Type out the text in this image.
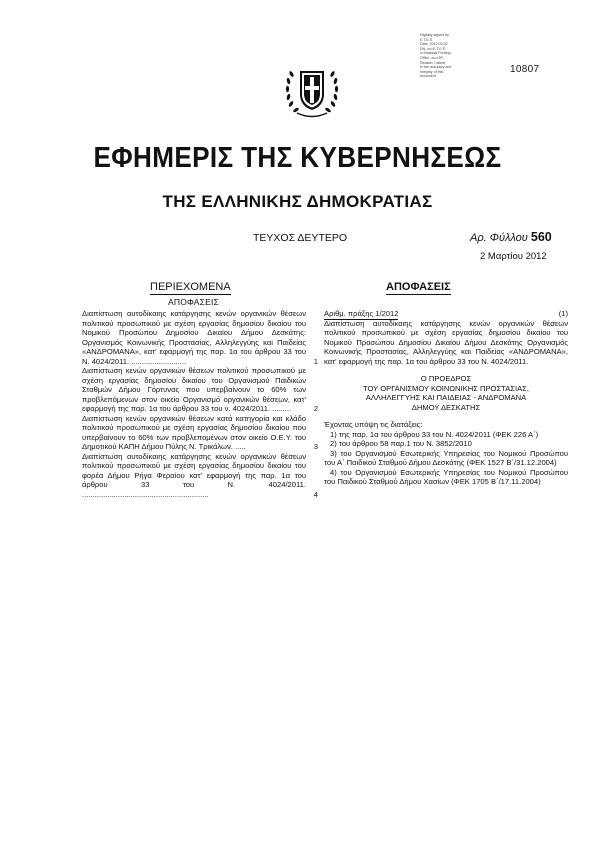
Digitally signed by
Ε.Τ.Ε.Π.
Date: 2012.03.02
DN: cn=E.T.E.P.
o=National Printing
Office, ou=GR,
Reason: I attest
to the accuracy and
integrity of this
document
10807
ΕΦΗΜΕΡΙΣ ΤΗΣ ΚΥΒΕΡΝΗΣΕΩΣ
ΤΗΣ ΕΛΛΗΝΙΚΗΣ ΔΗΜΟΚΡΑΤΙΑΣ
ΤΕΥΧΟΣ ΔΕΥΤΕΡΟ	Αρ. Φύλλου 560
2 Μαρτίου 2012
ΠΕΡΙΕΧΟΜΕΝΑ
ΑΠΟΦΑΣΕΙΣ
ΑΠΟΦΑΣΕΙΣ
Διαπίστωση αυτοδίκαιης κατάργησης κενών οργανικών θέσεων πολιτικού προσωπικού με σχέση εργασίας δημοσίου δικαίου του Νομικού Προσώπου Δημοσίου Δικαίου Δήμου Δεσκάτης: Οργανισμός Κοινωνικής Προστασίας, Αλληλεγγύης και Παιδείας «ΑΝΔΡΟΜΑΝΑ», κατ' εφαρμογή της παρ. 1α του άρθρου 33 του Ν. 4024/2011. ..........................	1
Διαπίστωση κενών οργανικών θέσεων πολιτικού προσωπικού με σχέση εργασίας δημοσίου δικαίου του Οργανισμού Παιδικών Σταθμών Δήμου Γόρτυνας που υπερβαίνουν το 60% των προβλεπόμενων στον οικείο Οργανισμό οργανικών θέσεων, κατ' εφαρμογή της παρ. 1α του άρθρου 33 του ν. 4024/2011. .........	2
Διαπίστωση κενών οργανικών θέσεων κατά κατηγορία και κλάδο πολιτικού προσωπικού με σχέση εργασίας δημοσίου δικαίου που υπερβαίνουν το 60% των προβλεπομένων στον οικείο Ο.Ε.Υ. του Δημοτικού ΚΑΠΗ Δήμου Πύλης Ν. Τρικάλων. .....	3
Διαπίστωση αυτοδίκαιης κατάργησης κενών οργανικών θέσεων πολιτικού προσωπικού με σχέση εργασίας δημοσίου δικαίου του φορέα Δήμου Ρήγα Φεραίου κατ' εφαρμογή της παρ. 1α του άρθρου 33 του Ν. 4024/2011. ............................................................	4
Αριθμ. πράξης 1/2012	(1)

Διαπίστωση αυτοδίκαιης κατάργησης κενών οργανικών θέσεων πολιτικού προσωπικού με σχέση εργασίας δημοσίου δικαίου του Νομικού Προσώπου Δημοσίου Δικαίου Δήμου Δεσκάτης Οργανισμός Κοινωνικής Προστασίας, Αλληλεγγύης και Παιδείας «ΑΝΔΡΟΜΑΝΑ», κατ' εφαρμογή της παρ. 1α του άρθρου 33 του Ν. 4024/2011.

Ο ΠΡΟΕΔΡΟΣ

ΤΟΥ ΟΡΓΑΝΙΣΜΟΥ ΚΟΙΝΩΝΙΚΗΣ ΠΡΟΣΤΑΣΙΑΣ,

ΑΛΛΗΛΕΓΓΥΗΣ ΚΑΙ ΠΑΙΔΕΙΑΣ - ΑΝΔΡΟΜΑΝΑ

ΔΗΜΟΥ ΔΕΣΚΑΤΗΣ

Έχοντας υπόψη τις διατάξεις:

1) της παρ. 1α του άρθρου 33 του Ν. 4024/2011 (ΦΕΚ 226 Α΄)

2) του άρθρου 58 παρ.1 του Ν. 3852/2010

3) του Οργανισμού Εσωτερικής Υπηρεσίας του Νομικού Προσώπου του Α΄ Παιδικού Σταθμού Δήμου Δεσκάτης (ΦΕΚ 1527 Β΄/31.12.2004)

4) του Οργανισμού Εσωτερικής Υπηρεσίας του Νομικού Προσώπου του Παιδικού Σταθμού Δήμου Χασίων (ΦΕΚ 1705 Β΄/17.11.2004)
